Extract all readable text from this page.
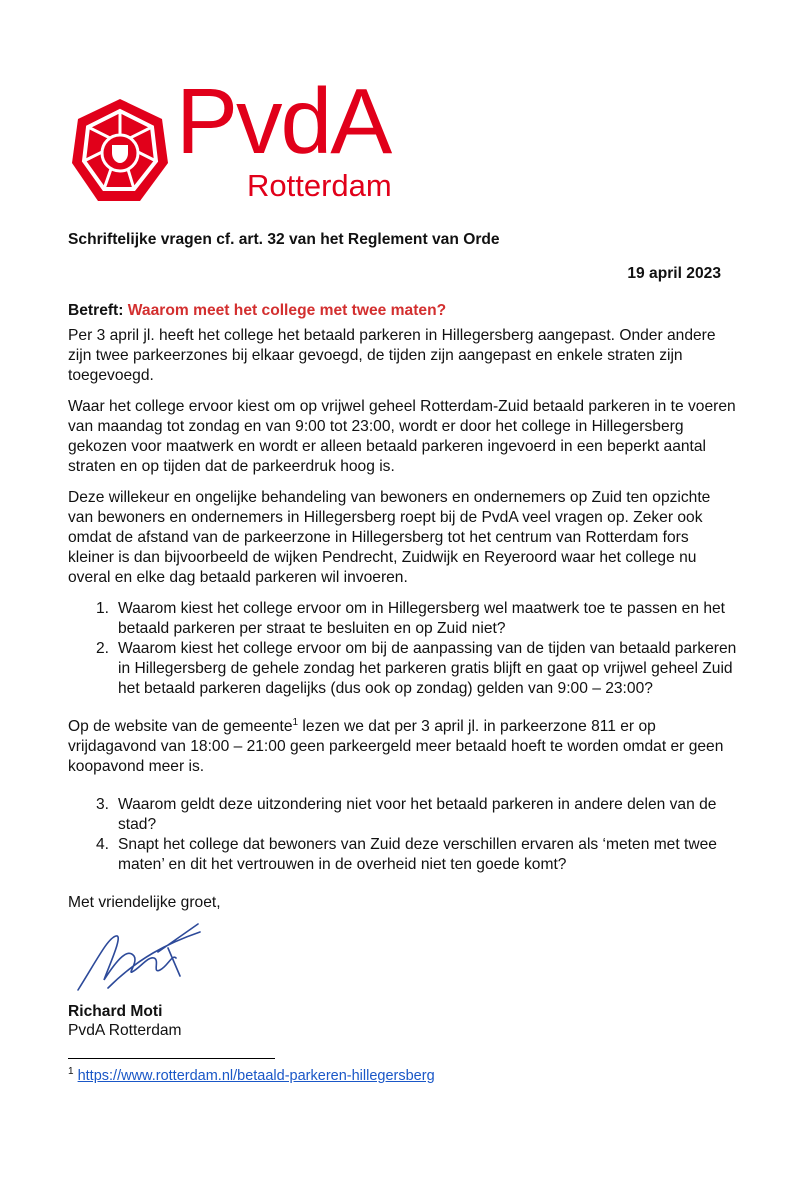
PvdA
Rotterdam
Schriftelijke vragen cf. art. 32 van het Reglement van Orde
19 april 2023
Betreft: Waarom meet het college met twee maten?

Per 3 april jl. heeft het college het betaald parkeren in Hillegersberg aangepast. Onder andere zijn twee parkeerzones bij elkaar gevoegd, de tijden zijn aangepast en enkele straten zijn toegevoegd.

Waar het college ervoor kiest om op vrijwel geheel Rotterdam-Zuid betaald parkeren in te voeren van maandag tot zondag en van 9:00 tot 23:00, wordt er door het college in Hillegersberg gekozen voor maatwerk en wordt er alleen betaald parkeren ingevoerd in een beperkt aantal straten en op tijden dat de parkeerdruk hoog is.

Deze willekeur en ongelijke behandeling van bewoners en ondernemers op Zuid ten opzichte van bewoners en ondernemers in Hillegersberg roept bij de PvdA veel vragen op. Zeker ook omdat de afstand van de parkeerzone in Hillegersberg tot het centrum van Rotterdam fors kleiner is dan bijvoorbeeld de wijken Pendrecht, Zuidwijk en Reyeroord waar het college nu overal en elke dag betaald parkeren wil invoeren.

1. Waarom kiest het college ervoor om in Hillegersberg wel maatwerk toe te passen en het betaald parkeren per straat te besluiten en op Zuid niet?
2. Waarom kiest het college ervoor om bij de aanpassing van de tijden van betaald parkeren in Hillegersberg de gehele zondag het parkeren gratis blijft en gaat op vrijwel geheel Zuid het betaald parkeren dagelijks (dus ook op zondag) gelden van 9:00 – 23:00?

Op de website van de gemeente$^1$ lezen we dat per 3 april jl. in parkeerzone 811 er op vrijdagavond van 18:00 – 21:00 geen parkeergeld meer betaald hoeft te worden omdat er geen koopavond meer is.

3. Waarom geldt deze uitzondering niet voor het betaald parkeren in andere delen van de stad?
4. Snapt het college dat bewoners van Zuid deze verschillen ervaren als ‘meten met twee maten’ en dit het vertrouwen in de overheid niet ten goede komt?

Met vriendelijke groet,

Richard Moti
PvdA Rotterdam
$^1$ https://www.rotterdam.nl/betaald-parkeren-hillegersberg
